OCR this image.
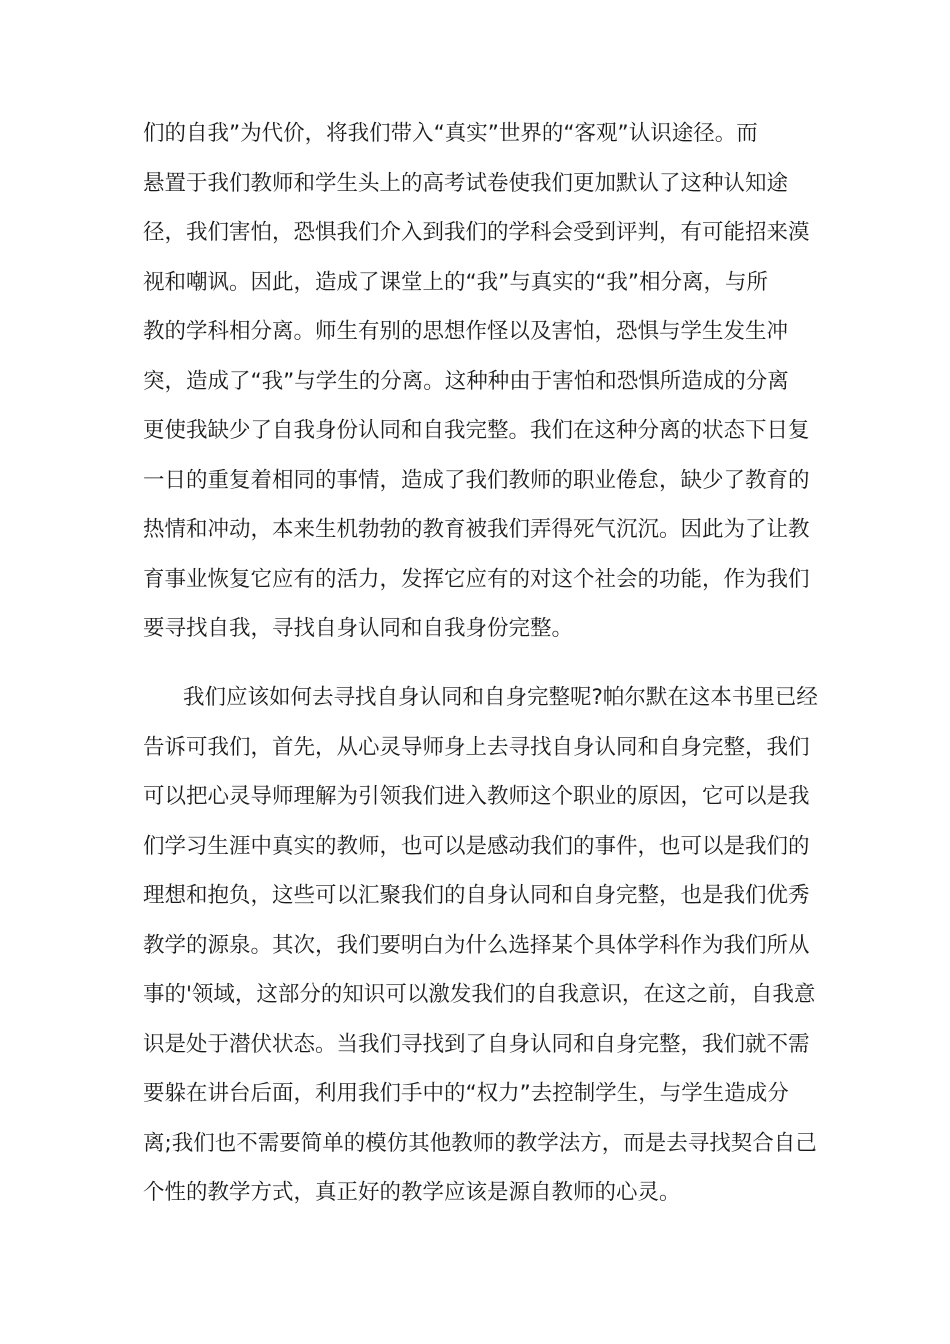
们的自我”为代价，将我们带入“真实”世界的“客观”认识途径。而
悬置于我们教师和学生头上的高考试卷使我们更加默认了这种认知途
径，我们害怕，恐惧我们介入到我们的学科会受到评判，有可能招来漠
视和嘲讽。因此，造成了课堂上的“我”与真实的“我”相分离，与所
教的学科相分离。师生有别的思想作怪以及害怕，恐惧与学生发生冲
突，造成了“我”与学生的分离。这种种由于害怕和恐惧所造成的分离
更使我缺少了自我身份认同和自我完整。我们在这种分离的状态下日复
一日的重复着相同的事情，造成了我们教师的职业倦怠，缺少了教育的
热情和冲动，本来生机勃勃的教育被我们弄得死气沉沉。因此为了让教
育事业恢复它应有的活力，发挥它应有的对这个社会的功能，作为我们
要寻找自我，寻找自身认同和自我身份完整。
我们应该如何去寻找自身认同和自身完整呢?帕尔默在这本书里已经
告诉可我们，首先，从心灵导师身上去寻找自身认同和自身完整，我们
可以把心灵导师理解为引领我们进入教师这个职业的原因，它可以是我
们学习生涯中真实的教师，也可以是感动我们的事件，也可以是我们的
理想和抱负，这些可以汇聚我们的自身认同和自身完整，也是我们优秀
教学的源泉。其次，我们要明白为什么选择某个具体学科作为我们所从
事的'领域，这部分的知识可以激发我们的自我意识，在这之前，自我意
识是处于潜伏状态。当我们寻找到了自身认同和自身完整，我们就不需
要躲在讲台后面，利用我们手中的“权力”去控制学生，与学生造成分
离;我们也不需要简单的模仿其他教师的教学法方，而是去寻找契合自己
个性的教学方式，真正好的教学应该是源自教师的心灵。
